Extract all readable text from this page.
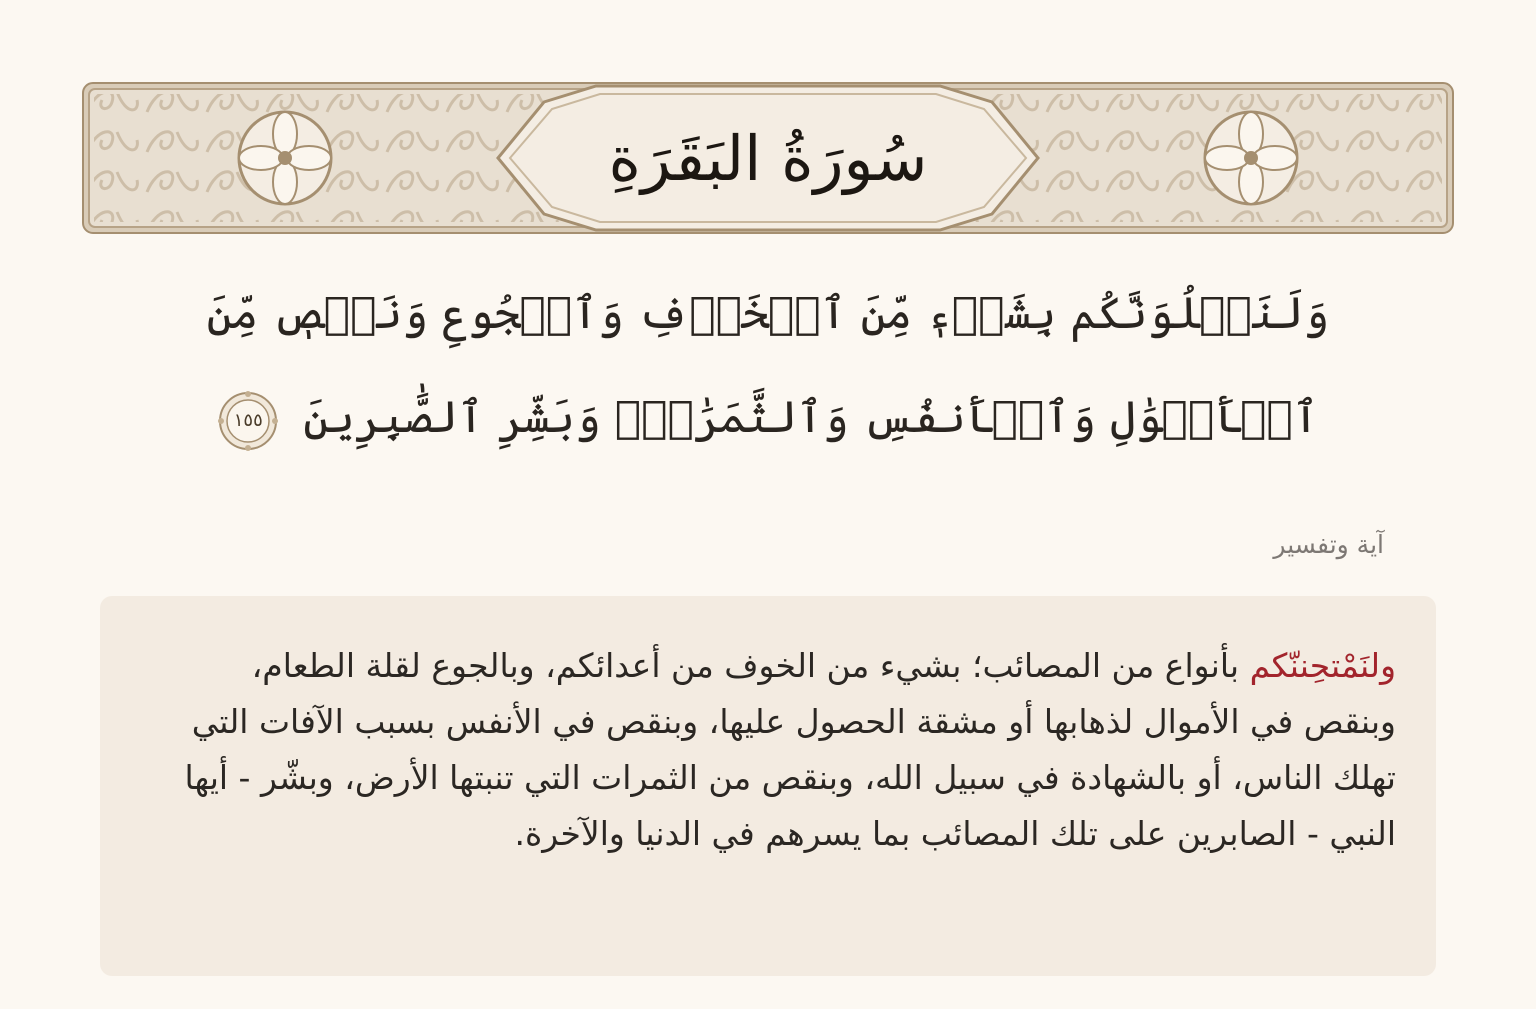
سُورَةُ البَقَرَةِ
وَلَنَبۡلُوَنَّكُم بِشَيۡءٖ مِّنَ ٱلۡخَوۡفِ وَٱلۡجُوعِ وَنَقۡصٖ مِّنَ ٱلۡأَمۡوَٰلِ وَٱلۡأَنفُسِ وَٱلثَّمَرَٰتِۗ وَبَشِّرِ ٱلصَّٰبِرِينَ
١٥٥
آية وتفسير
ولنَمْتحِننّكم بأنواع من المصائب؛ بشيء من الخوف من أعدائكم، وبالجوع لقلة الطعام، وبنقص في الأموال لذهابها أو مشقة الحصول عليها، وبنقص في الأنفس بسبب الآفات التي تهلك الناس، أو بالشهادة في سبيل الله، وبنقص من الثمرات التي تنبتها الأرض، وبشّر - أيها النبي - الصابرين على تلك المصائب بما يسرهم في الدنيا والآخرة.
